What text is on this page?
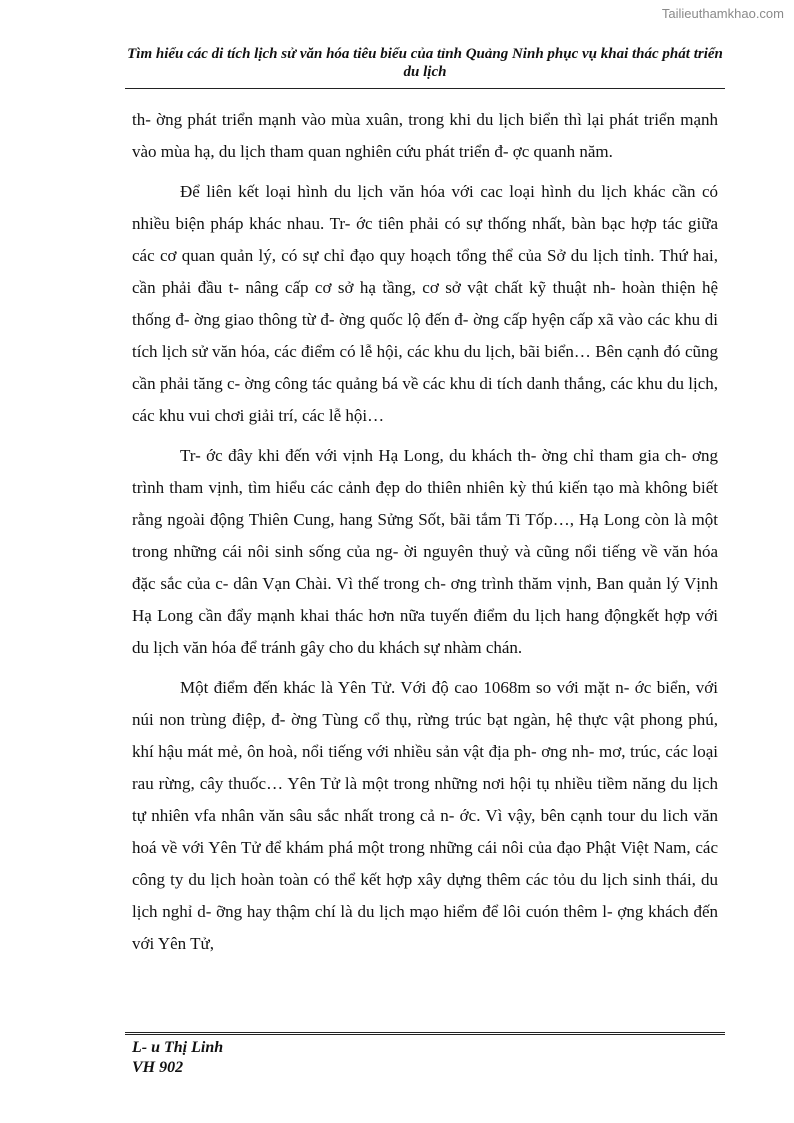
Tailieuthamkhao.com
Tìm hiểu các di tích lịch sử văn hóa tiêu biểu của tỉnh Quảng Ninh phục vụ khai thác phát triển du lịch

th- ờng phát triển mạnh vào mùa xuân, trong khi du lịch biển thì lại phát triển mạnh vào mùa hạ, du lịch tham quan nghiên cứu phát triển đ- ợc quanh năm.

Để liên kết loại hình du lịch văn hóa với cac loại hình du lịch khác cần có nhiều biện pháp khác nhau. Tr- ớc tiên phải có sự thống nhất, bàn bạc hợp tác giữa các cơ quan quản lý, có sự chỉ đạo quy hoạch tổng thể của Sở du lịch tỉnh. Thứ hai, cần phải đầu t- nâng cấp cơ sở hạ tầng, cơ sở vật chất kỹ thuật nh- hoàn thiện hệ thống đ- ờng giao thông từ đ- ờng quốc lộ đến đ- ờng cấp hyện cấp xã vào các khu di tích lịch sử văn hóa, các điểm có lễ hội, các khu du lịch, bãi biển… Bên cạnh đó cũng cần phải tăng c- ờng công tác quảng bá về các khu di tích danh thắng, các khu du lịch, các khu vui chơi giải trí, các lễ hội…

Tr- ớc đây khi đến với vịnh Hạ Long, du khách th- ờng chỉ tham gia ch- ơng trình tham vịnh, tìm hiểu các cảnh đẹp do thiên nhiên kỳ thú kiến tạo mà không biết rằng ngoài động Thiên Cung, hang Sửng Sốt, bãi tắm Ti Tốp…, Hạ Long còn là một trong những cái nôi sinh sống của ng- ời nguyên thuỷ và cũng nổi tiếng về văn hóa đặc sắc của c- dân Vạn Chài. Vì thế trong ch- ơng trình thăm vịnh, Ban quản lý Vịnh Hạ Long cần đẩy mạnh khai thác hơn nữa tuyến điểm du lịch hang độngkết hợp với du lịch văn hóa để tránh gây cho du khách sự nhàm chán.

Một điểm đến khác là Yên Tử. Với độ cao 1068m so với mặt n- ớc biển, với núi non trùng điệp, đ- ờng Tùng cổ thụ, rừng trúc bạt ngàn, hệ thực vật phong phú, khí hậu mát mẻ, ôn hoà, nổi tiếng với nhiều sản vật địa ph- ơng nh- mơ, trúc, các loại rau rừng, cây thuốc… Yên Tử là một trong những nơi hội tụ nhiều tiềm năng du lịch tự nhiên vfa nhân văn sâu sắc nhất trong cả n- ớc. Vì vậy, bên cạnh tour du lich văn hoá về với Yên Tử để khám phá một trong những cái nôi của đạo Phật Việt Nam, các công ty du lịch hoàn toàn có thể kết hợp xây dựng thêm các tỏu du lịch sinh thái, du lịch nghỉ d- ỡng hay thậm chí là du lịch mạo hiểm để lôi cuón thêm l- ợng khách đến với Yên Tử,

L- u Thị Linh
VH 902
